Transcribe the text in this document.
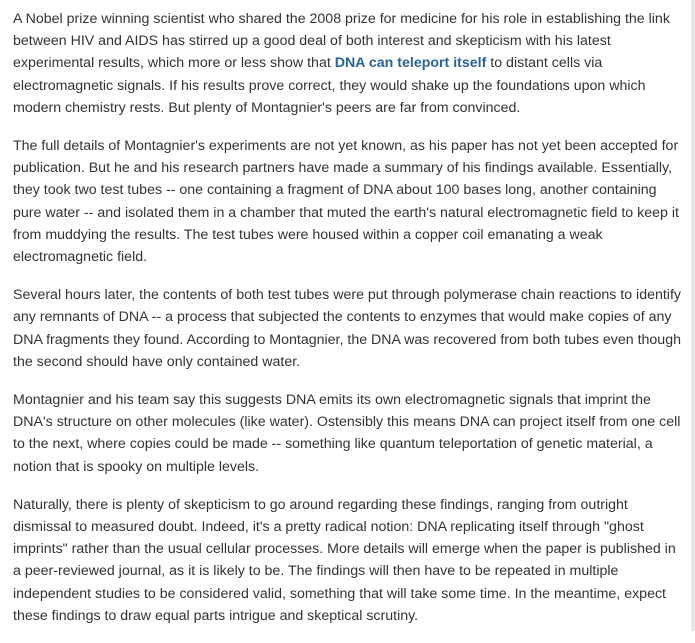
A Nobel prize winning scientist who shared the 2008 prize for medicine for his role in establishing the link between HIV and AIDS has stirred up a good deal of both interest and skepticism with his latest experimental results, which more or less show that DNA can teleport itself to distant cells via electromagnetic signals. If his results prove correct, they would shake up the foundations upon which modern chemistry rests. But plenty of Montagnier's peers are far from convinced.

The full details of Montagnier's experiments are not yet known, as his paper has not yet been accepted for publication. But he and his research partners have made a summary of his findings available. Essentially, they took two test tubes -- one containing a fragment of DNA about 100 bases long, another containing pure water -- and isolated them in a chamber that muted the earth's natural electromagnetic field to keep it from muddying the results. The test tubes were housed within a copper coil emanating a weak electromagnetic field.

Several hours later, the contents of both test tubes were put through polymerase chain reactions to identify any remnants of DNA -- a process that subjected the contents to enzymes that would make copies of any DNA fragments they found. According to Montagnier, the DNA was recovered from both tubes even though the second should have only contained water.

Montagnier and his team say this suggests DNA emits its own electromagnetic signals that imprint the DNA's structure on other molecules (like water). Ostensibly this means DNA can project itself from one cell to the next, where copies could be made -- something like quantum teleportation of genetic material, a notion that is spooky on multiple levels.

Naturally, there is plenty of skepticism to go around regarding these findings, ranging from outright dismissal to measured doubt. Indeed, it's a pretty radical notion: DNA replicating itself through "ghost imprints" rather than the usual cellular processes. More details will emerge when the paper is published in a peer-reviewed journal, as it is likely to be. The findings will then have to be repeated in multiple independent studies to be considered valid, something that will take some time. In the meantime, expect these findings to draw equal parts intrigue and skeptical scrutiny.
